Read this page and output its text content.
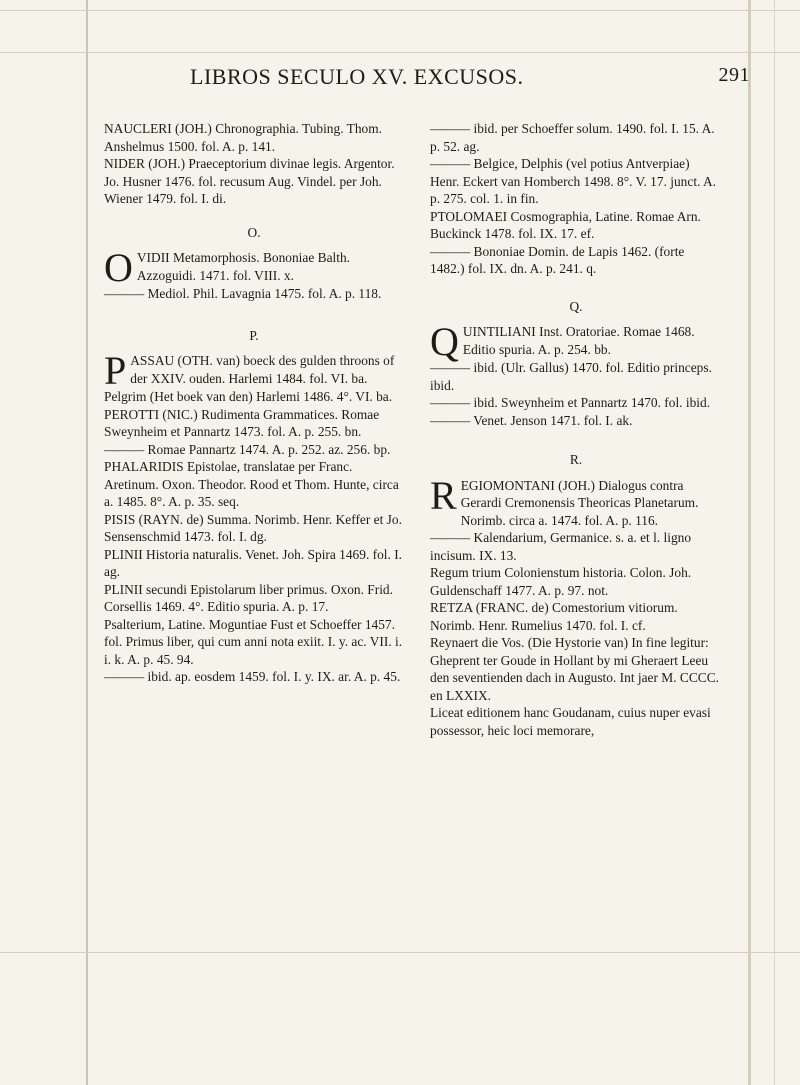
LIBROS SECULO XV. EXCUSOS.	291

NAUCLERI (JOH.) Chronographia. Tubing. Thom. Anshelmus 1500. fol. A. p. 141.

NIDER (JOH.) Praeceptorium divinae legis. Argentor. Jo. Husner 1476. fol. recusum Aug. Vindel. per Joh. Wiener 1479. fol. I. di.

O.
O VIDII Metamorphosis. Bononiae Balth. Azzoguidi. 1471. fol. VIII. x.

——— Mediol. Phil. Lavagnia 1475. fol. A. p. 118.

P.
P ASSAU (OTH. van) boeck des gulden throons of der XXIV. ouden. Harlemi 1484. fol. VI. ba.

Pelgrim (Het boek van den) Harlemi 1486. 4°. VI. ba.

PEROTTI (NIC.) Rudimenta Grammatices. Romae Sweynheim et Pannartz 1473. fol. A. p. 255. bn.

——— Romae Pannartz 1474. A. p. 252. az. 256. bp.

PHALARIDIS Epistolae, translatae per Franc. Aretinum. Oxon. Theodor. Rood et Thom. Hunte, circa a. 1485. 8°. A. p. 35. seq.

PISIS (RAYN. de) Summa. Norimb. Henr. Keffer et Jo. Sensenschmid 1473. fol. I. dg.

PLINII Historia naturalis. Venet. Joh. Spira 1469. fol. I. ag.

PLINII secundi Epistolarum liber primus. Oxon. Frid. Corsellis 1469. 4°. Editio spuria. A. p. 17.

Psalterium, Latine. Moguntiae Fust et Schoeffer 1457. fol. Primus liber, qui cum anni nota exiit. I. y. ac. VII. i. i. k. A. p. 45. 94.

——— ibid. ap. eosdem 1459. fol. I. y. IX. ar. A. p. 45.

——— ibid. per Schoeffer solum. 1490. fol. I. 15. A. p. 52. ag.

——— Belgice, Delphis (vel potius Antverpiae) Henr. Eckert van Homberch 1498. 8°. V. 17. junct. A. p. 275. col. 1. in fin.

PTOLOMAEI Cosmographia, Latine. Romae Arn. Buckinck 1478. fol. IX. 17. ef.

——— Bononiae Domin. de Lapis 1462. (forte 1482.) fol. IX. dn. A. p. 241. q.

Q.
Q UINTILIANI Inst. Oratoriae. Romae 1468. Editio spuria. A. p. 254. bb.

——— ibid. (Ulr. Gallus) 1470. fol. Editio princeps. ibid.

——— ibid. Sweynheim et Pannartz 1470. fol. ibid.

——— Venet. Jenson 1471. fol. I. ak.

R.
R EGIOMONTANI (JOH.) Dialogus contra Gerardi Cremonensis Theoricas Planetarum. Norimb. circa a. 1474. fol. A. p. 116.

——— Kalendarium, Germanice. s. a. et l. ligno incisum. IX. 13.

Regum trium Colonienstum historia. Colon. Joh. Guldenschaff 1477. A. p. 97. not.

RETZA (FRANC. de) Comestorium vitiorum. Norimb. Henr. Rumelius 1470. fol. I. cf.

Reynaert die Vos. (Die Hystorie van) In fine legitur: Gheprent ter Goude in Hollant by mi Gheraert Leeu den seventienden dach in Augusto. Int jaer M. CCCC. en LXXIX.

Liceat editionem hanc Goudanam, cuius nuper evasi possessor, heic loci memorare,
